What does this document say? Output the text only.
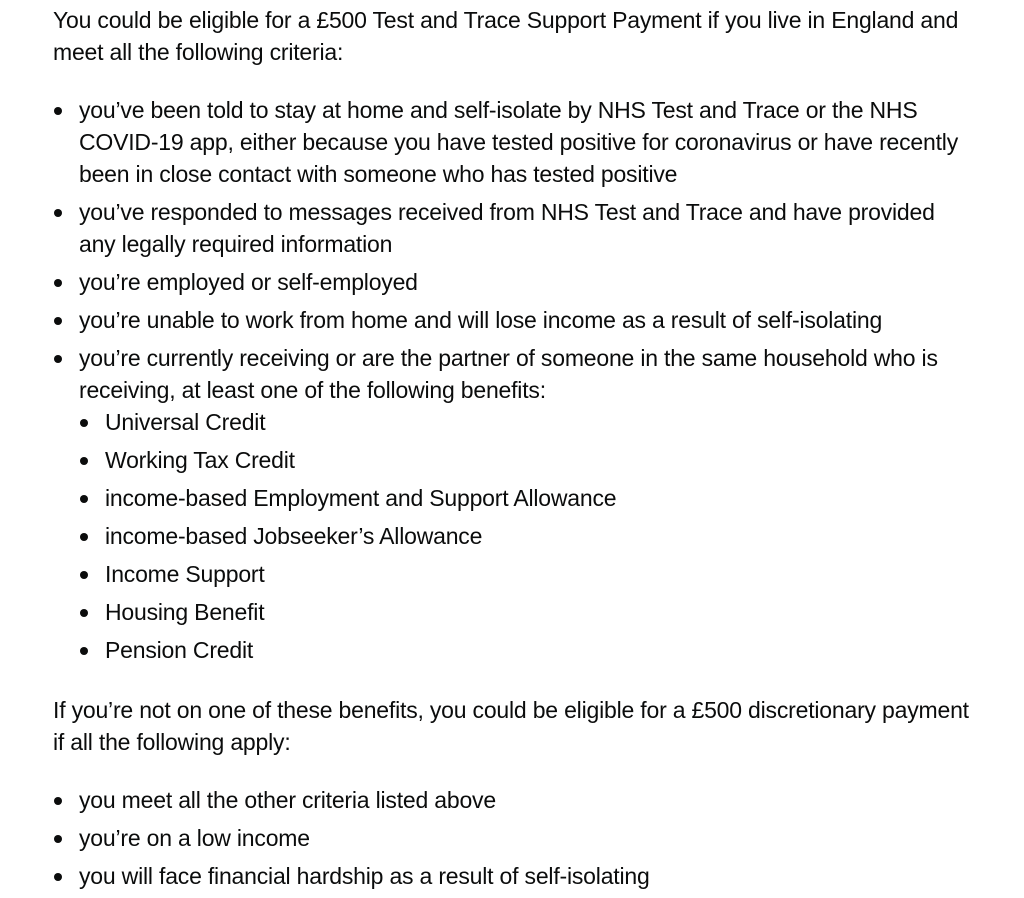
You could be eligible for a £500 Test and Trace Support Payment if you live in England and meet all the following criteria:

you’ve been told to stay at home and self-isolate by NHS Test and Trace or the NHS COVID-19 app, either because you have tested positive for coronavirus or have recently been in close contact with someone who has tested positive
you’ve responded to messages received from NHS Test and Trace and have provided any legally required information
you’re employed or self-employed
you’re unable to work from home and will lose income as a result of self-isolating
you’re currently receiving or are the partner of someone in the same household who is receiving, at least one of the following benefits:
Universal Credit
Working Tax Credit
income-based Employment and Support Allowance
income-based Jobseeker’s Allowance
Income Support
Housing Benefit
Pension Credit

If you’re not on one of these benefits, you could be eligible for a £500 discretionary payment if all the following apply:

you meet all the other criteria listed above
you’re on a low income
you will face financial hardship as a result of self-isolating
